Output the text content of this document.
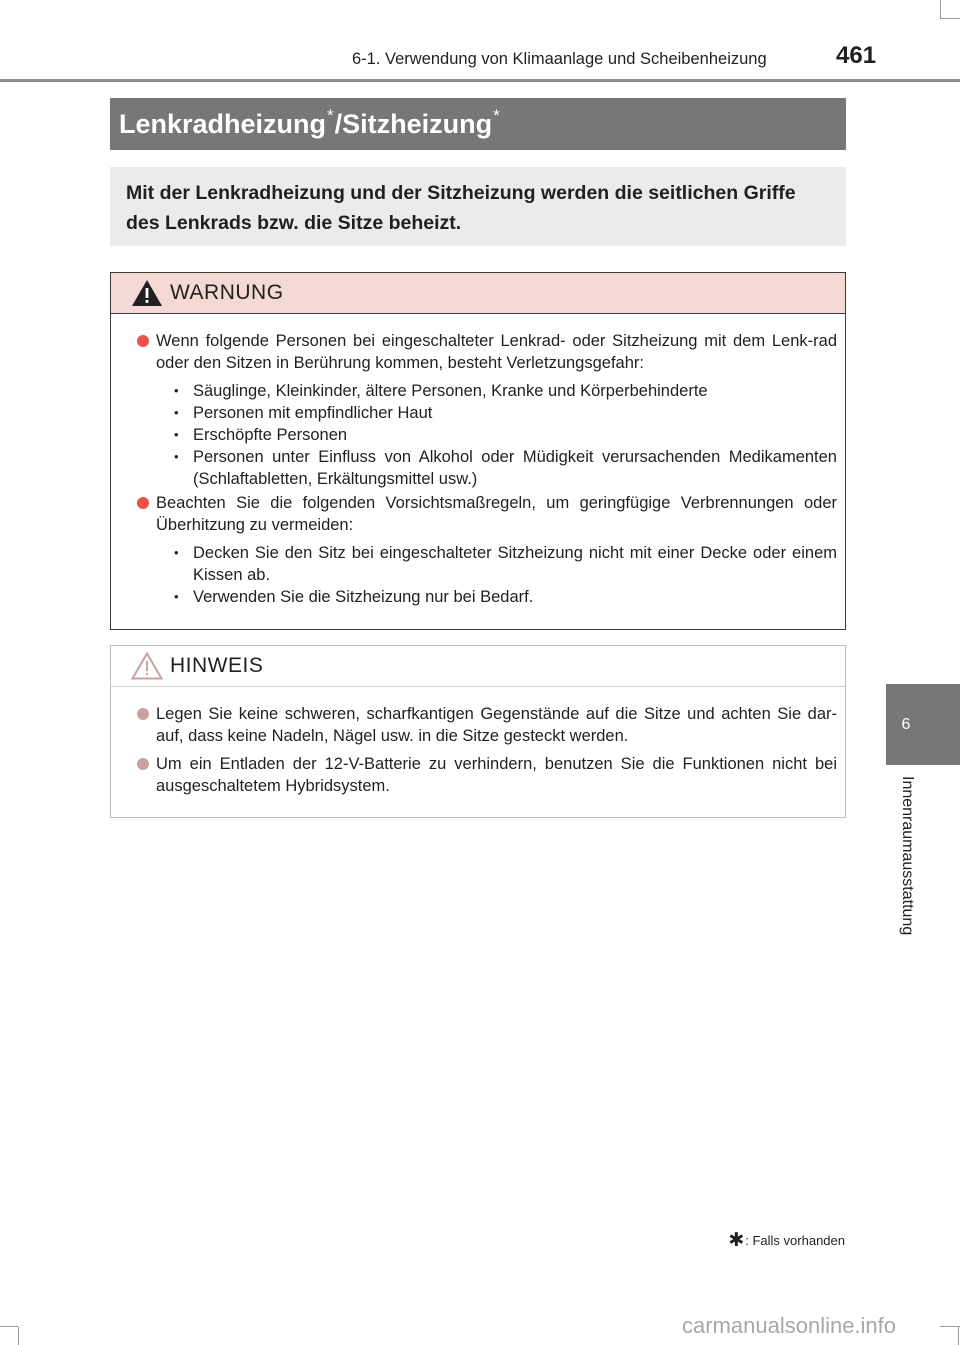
6-1. Verwendung von Klimaanlage und Scheibenheizung	461
Lenkradheizung*/Sitzheizung*
Mit der Lenkradheizung und der Sitzheizung werden die seitlichen Griffe des Lenkrads bzw. die Sitze beheizt.
WARNUNG
Wenn folgende Personen bei eingeschalteter Lenkrad- oder Sitzheizung mit dem Lenk-rad oder den Sitzen in Berührung kommen, besteht Verletzungsgefahr:
• Säuglinge, Kleinkinder, ältere Personen, Kranke und Körperbehinderte
• Personen mit empfindlicher Haut
• Erschöpfte Personen
• Personen unter Einfluss von Alkohol oder Müdigkeit verursachenden Medikamenten (Schlaftabletten, Erkältungsmittel usw.)
Beachten Sie die folgenden Vorsichtsmaßregeln, um geringfügige Verbrennungen oder Überhitzung zu vermeiden:
• Decken Sie den Sitz bei eingeschalteter Sitzheizung nicht mit einer Decke oder einem Kissen ab.
• Verwenden Sie die Sitzheizung nur bei Bedarf.
HINWEIS
Legen Sie keine schweren, scharfkantigen Gegenstände auf die Sitze und achten Sie dar-auf, dass keine Nadeln, Nägel usw. in die Sitze gesteckt werden.
Um ein Entladen der 12-V-Batterie zu verhindern, benutzen Sie die Funktionen nicht bei ausgeschaltetem Hybridsystem.
6
Innenraumausstattung
✱ : Falls vorhanden
carmanualsonline.info
